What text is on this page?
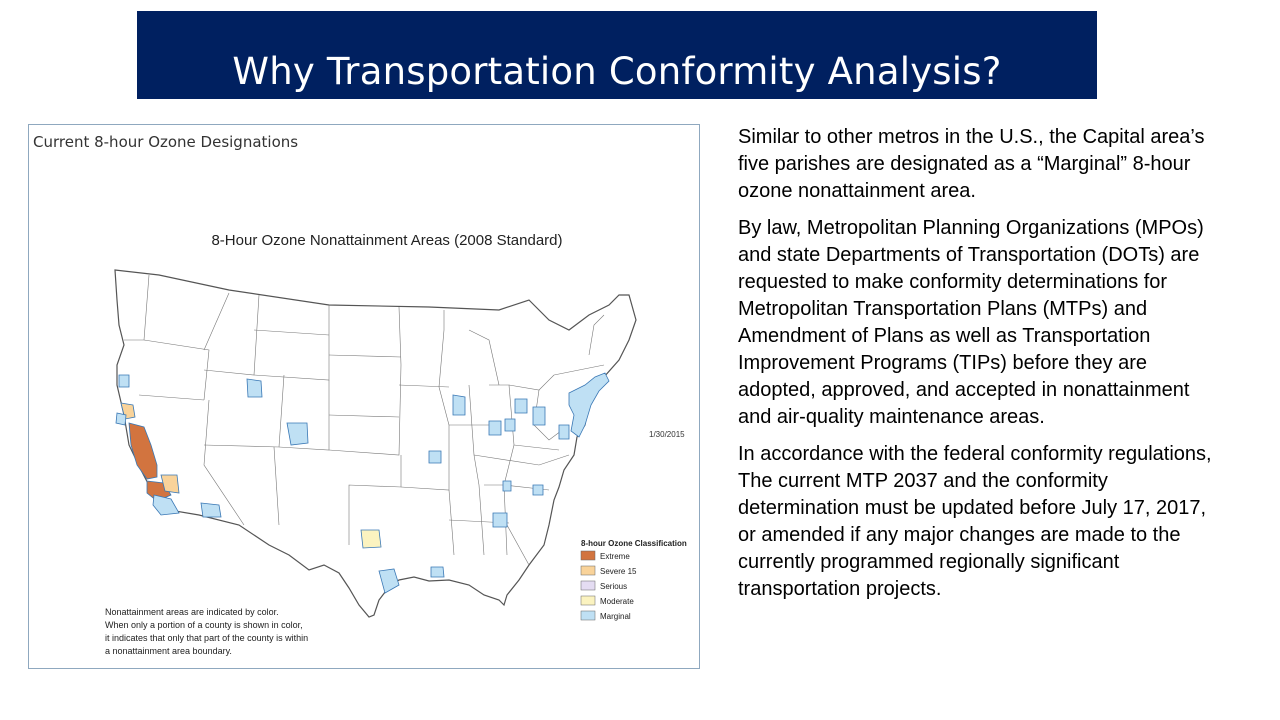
Why Transportation Conformity Analysis?
Current 8-hour Ozone Designations
8-Hour Ozone Nonattainment Areas (2008 Standard)
1/30/2015
8-hour Ozone Classification
Extreme
Severe 15
Serious
Moderate
Marginal
Nonattainment areas are indicated by color.
When only a portion of a county is shown in color,
it indicates that only that part of the county is within
a nonattainment area boundary.

Similar to other metros in the U.S., the Capital area’s five parishes are designated as a “Marginal” 8-hour ozone nonattainment area.

By law, Metropolitan Planning Organizations (MPOs) and state Departments of Transportation (DOTs) are requested to make conformity determinations for Metropolitan Transportation Plans (MTPs) and Amendment of Plans as well as Transportation Improvement Programs (TIPs) before they are adopted, approved, and accepted in nonattainment and air-quality maintenance areas.

In accordance with the federal conformity regulations, The current MTP 2037 and the conformity determination must be updated before July 17, 2017, or amended if any major changes are made to the currently programmed regionally significant transportation projects.
